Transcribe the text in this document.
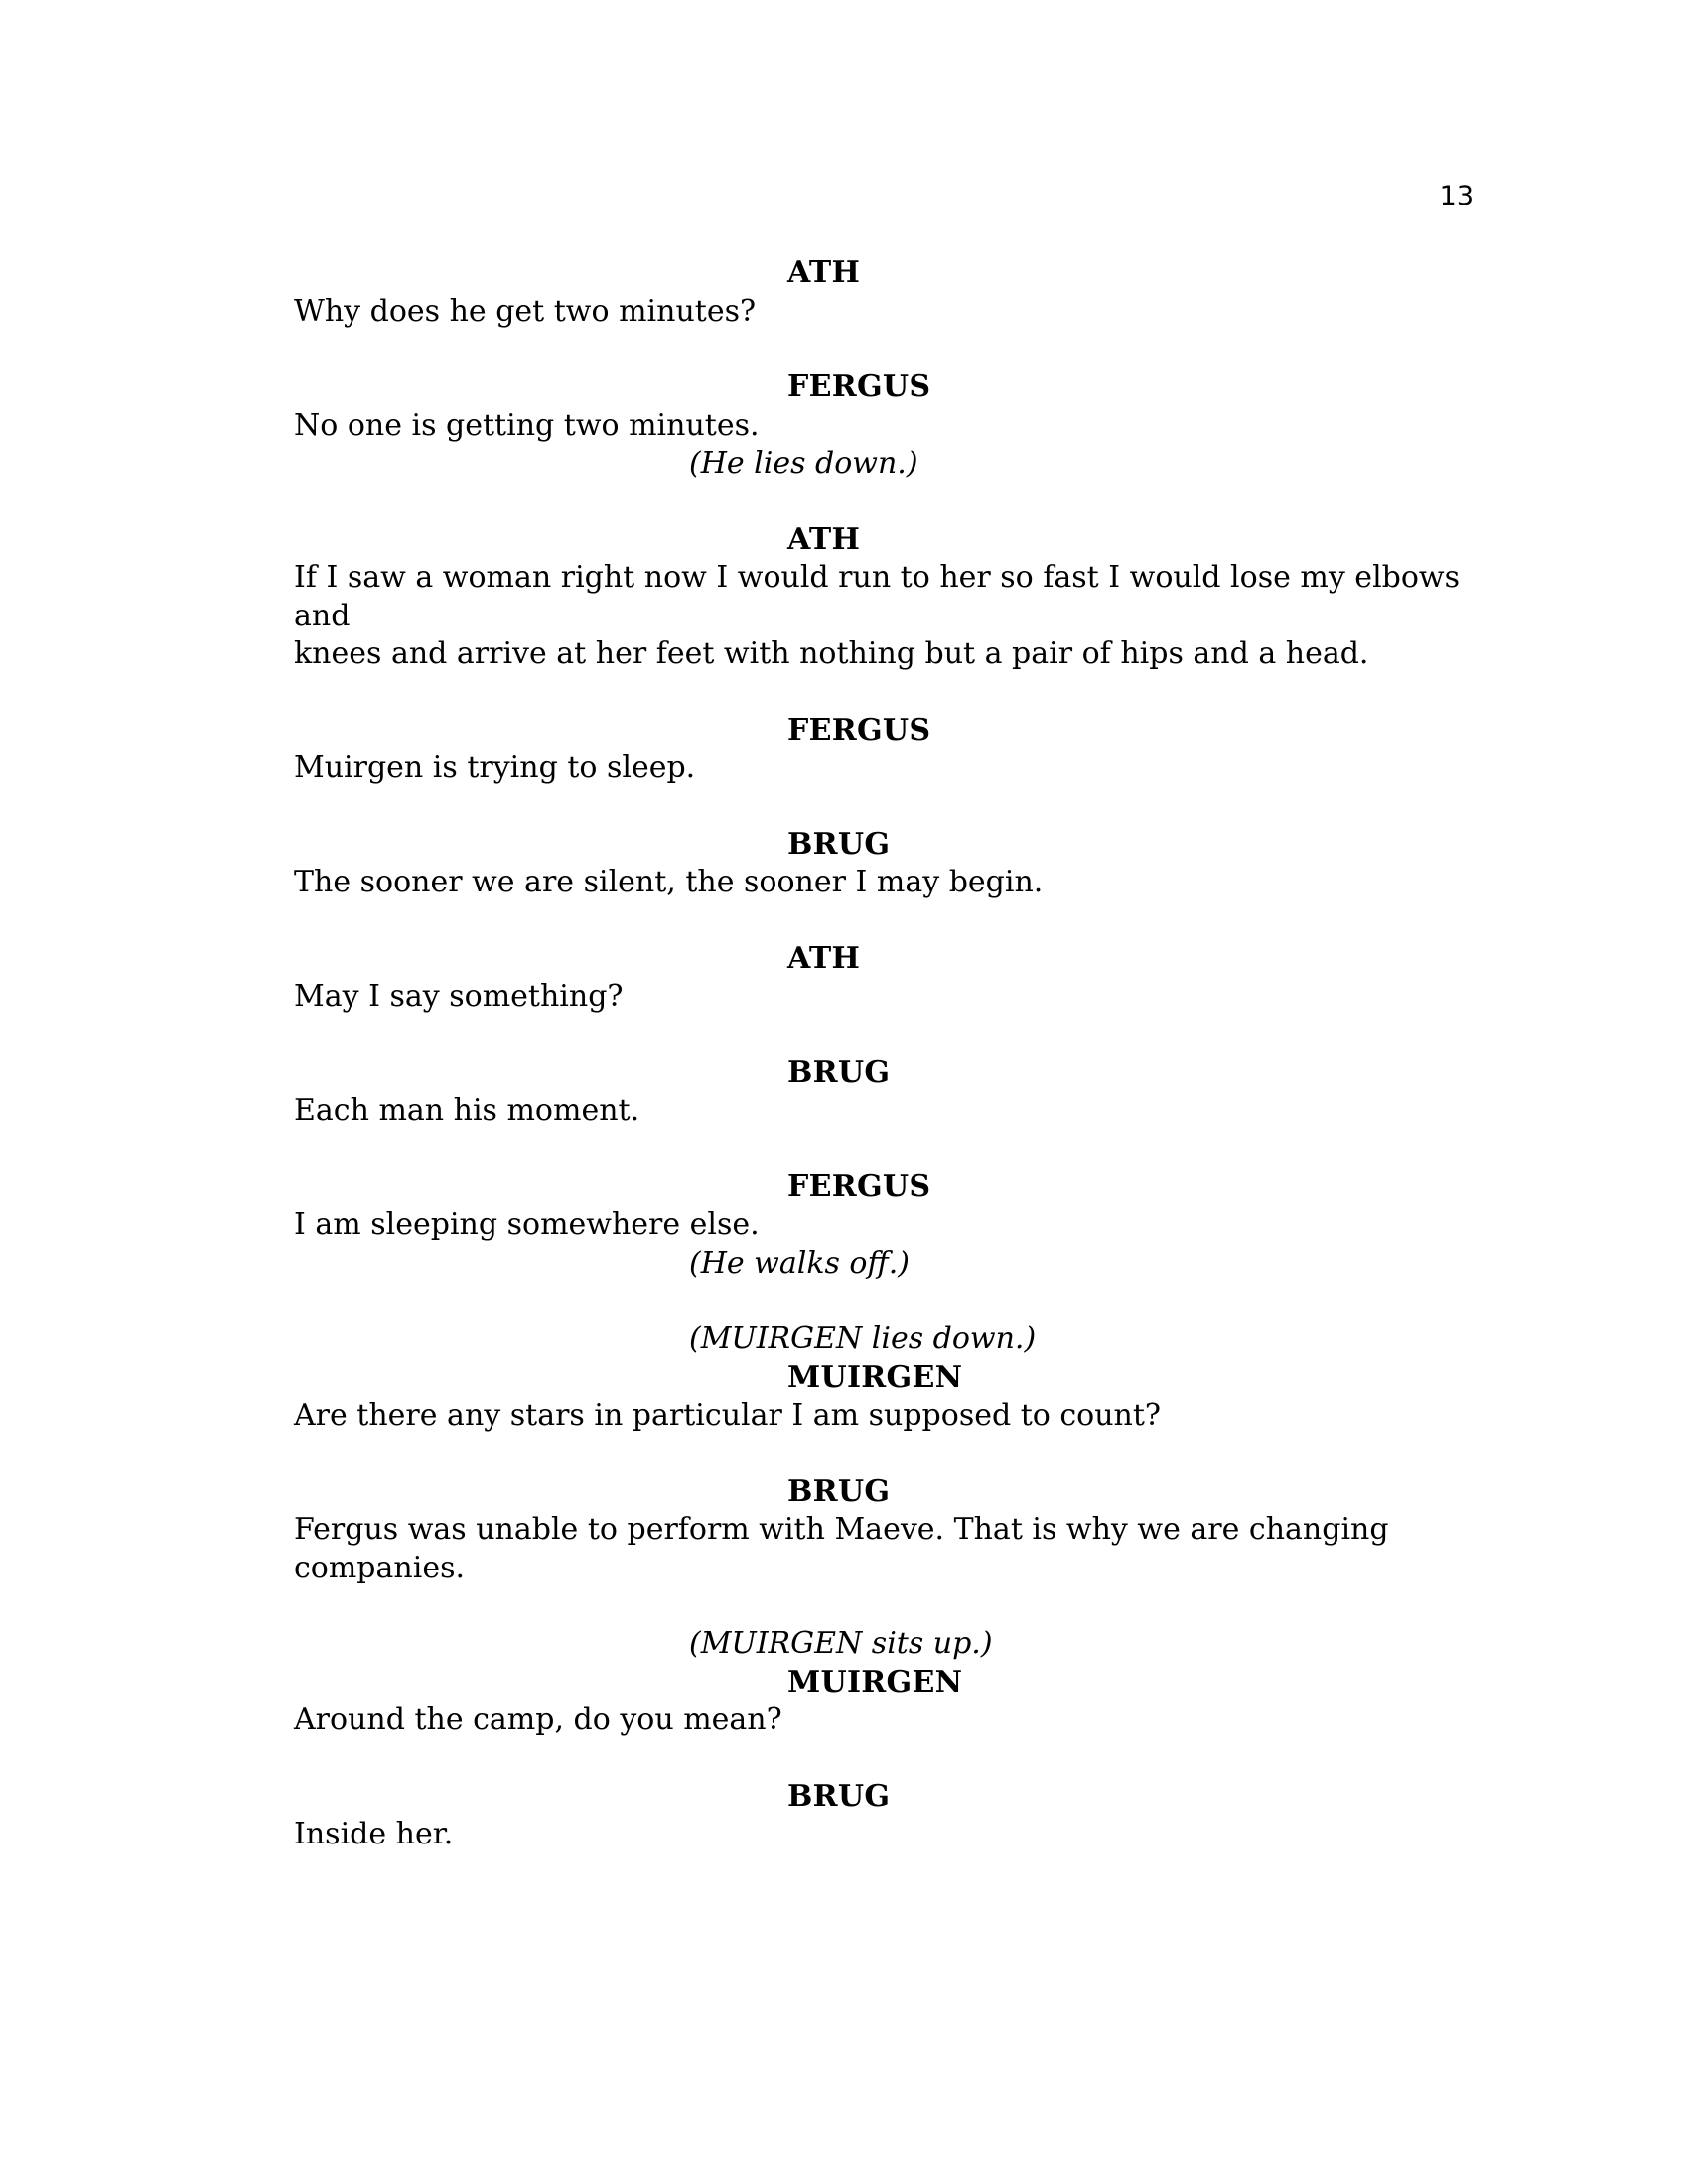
13
ATH
Why does he get two minutes?
FERGUS
No one is getting two minutes.
(He lies down.)
ATH
If I saw a woman right now I would run to her so fast I would lose my elbows and
knees and arrive at her feet with nothing but a pair of hips and a head.
FERGUS
Muirgen is trying to sleep.
BRUG
The sooner we are silent, the sooner I may begin.
ATH
May I say something?
BRUG
Each man his moment.
FERGUS
I am sleeping somewhere else.
(He walks off.)
(MUIRGEN lies down.)
MUIRGEN
Are there any stars in particular I am supposed to count?
BRUG
Fergus was unable to perform with Maeve. That is why we are changing
companies.
(MUIRGEN sits up.)
MUIRGEN
Around the camp, do you mean?
BRUG
Inside her.
